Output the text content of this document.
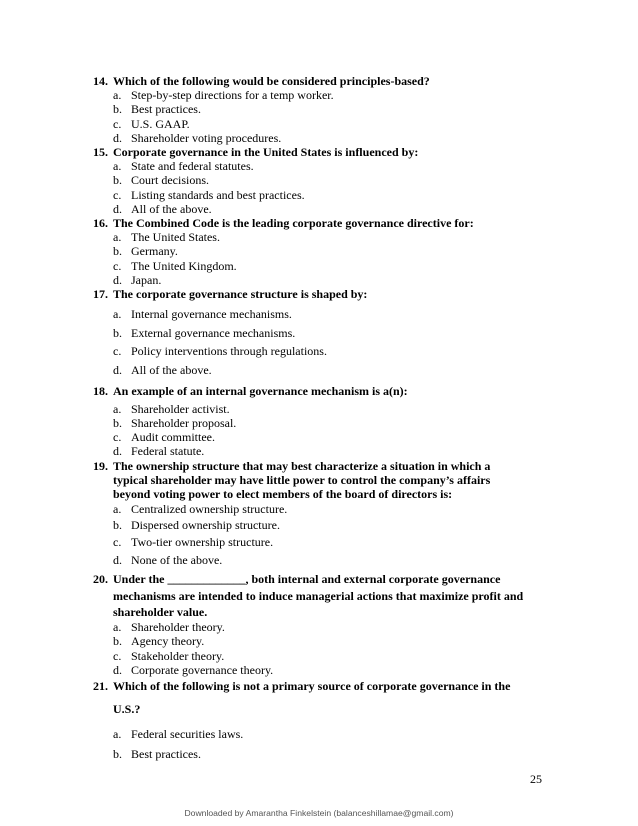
14. Which of the following would be considered principles-based?
a. Step-by-step directions for a temp worker.
b. Best practices.
c. U.S. GAAP.
d. Shareholder voting procedures.
15. Corporate governance in the United States is influenced by:
a. State and federal statutes.
b. Court decisions.
c. Listing standards and best practices.
d. All of the above.
16. The Combined Code is the leading corporate governance directive for:
a. The United States.
b. Germany.
c. The United Kingdom.
d. Japan.
17. The corporate governance structure is shaped by:
a. Internal governance mechanisms.
b. External governance mechanisms.
c. Policy interventions through regulations.
d. All of the above.
18. An example of an internal governance mechanism is a(n):
a. Shareholder activist.
b. Shareholder proposal.
c. Audit committee.
d. Federal statute.
19. The ownership structure that may best characterize a situation in which a
typical shareholder may have little power to control the company’s affairs
beyond voting power to elect members of the board of directors is:
a. Centralized ownership structure.
b. Dispersed ownership structure.
c. Two-tier ownership structure.
d. None of the above.
20. Under the _____________, both internal and external corporate governance
mechanisms are intended to induce managerial actions that maximize profit and
shareholder value.
a. Shareholder theory.
b. Agency theory.
c. Stakeholder theory.
d. Corporate governance theory.
21. Which of the following is not a primary source of corporate governance in the
U.S.?
a. Federal securities laws.
b. Best practices.
25
Downloaded by Amarantha Finkelstein (balanceshillamae@gmail.com)
